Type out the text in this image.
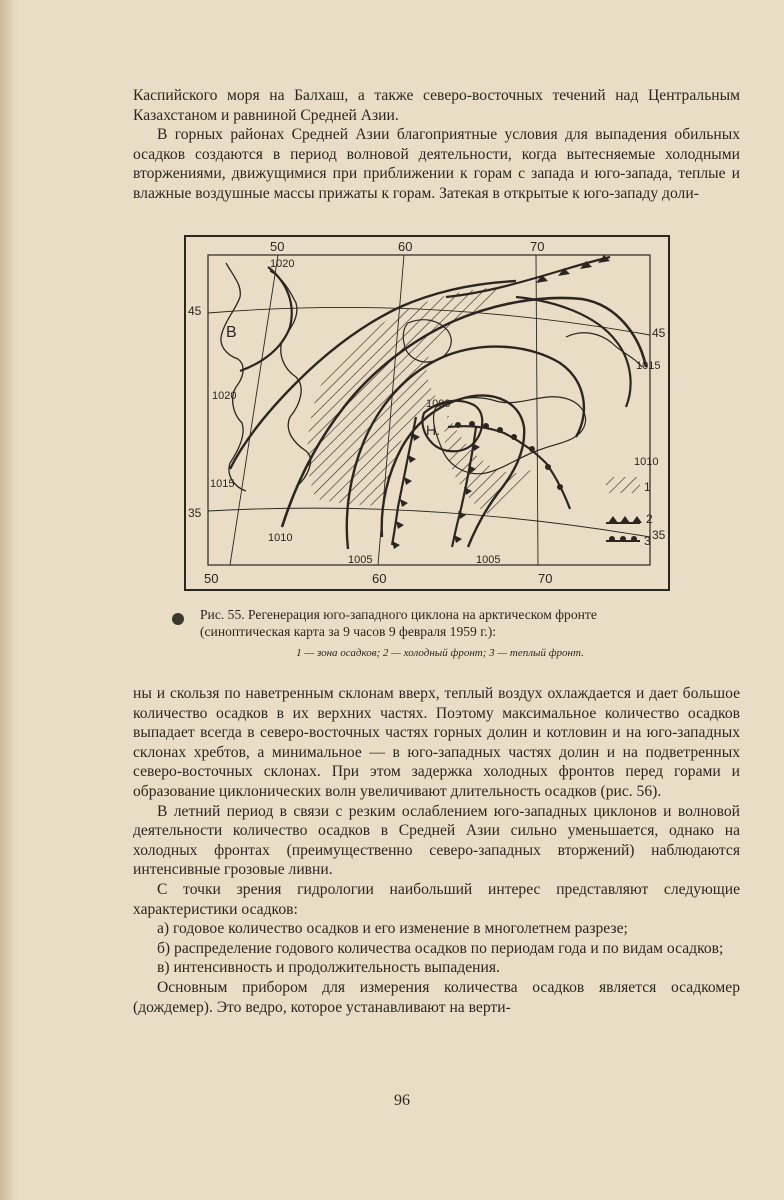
Каспийского моря на Балхаш, а также северо-восточных течений над Центральным Казахстаном и равниной Средней Азии.

В горных районах Средней Азии благоприятные условия для выпадения обильных осадков создаются в период волновой деятельности, когда вытесняемые холодными вторжениями, движущимися при приближении к горам с запада и юго-запада, теплые и влажные воздушные массы прижаты к горам. Затекая в открытые к юго-западу доли-

50	60	70
50	60	70
45
35
45
35
1020
1020
1015
1010
1005	1005
1000
1015
1010
В
Н.
1
2
3
Рис. 55. Регенерация юго-западного циклона на арктическом фронте (синоптическая карта за 9 часов 9 февраля 1959 г.):
1 — зона осадков; 2 — холодный фронт; 3 — теплый фронт.

ны и скользя по наветренным склонам вверх, теплый воздух охлаждается и дает большое количество осадков в их верхних частях. Поэтому максимальное количество осадков выпадает всегда в северо-восточных частях горных долин и котловин и на юго-западных склонах хребтов, а минимальное — в юго-западных частях долин и на подветренных северо-восточных склонах. При этом задержка холодных фронтов перед горами и образование циклонических волн увеличивают длительность осадков (рис. 56).

В летний период в связи с резким ослаблением юго-западных циклонов и волновой деятельности количество осадков в Средней Азии сильно уменьшается, однако на холодных фронтах (преимущественно северо-западных вторжений) наблюдаются интенсивные грозовые ливни.

С точки зрения гидрологии наибольший интерес представляют следующие характеристики осадков:

а) годовое количество осадков и его изменение в многолетнем разрезе;

б) распределение годового количества осадков по периодам года и по видам осадков;

в) интенсивность и продолжительность выпадения.

Основным прибором для измерения количества осадков является осадкомер (дождемер). Это ведро, которое устанавливают на верти-

96
